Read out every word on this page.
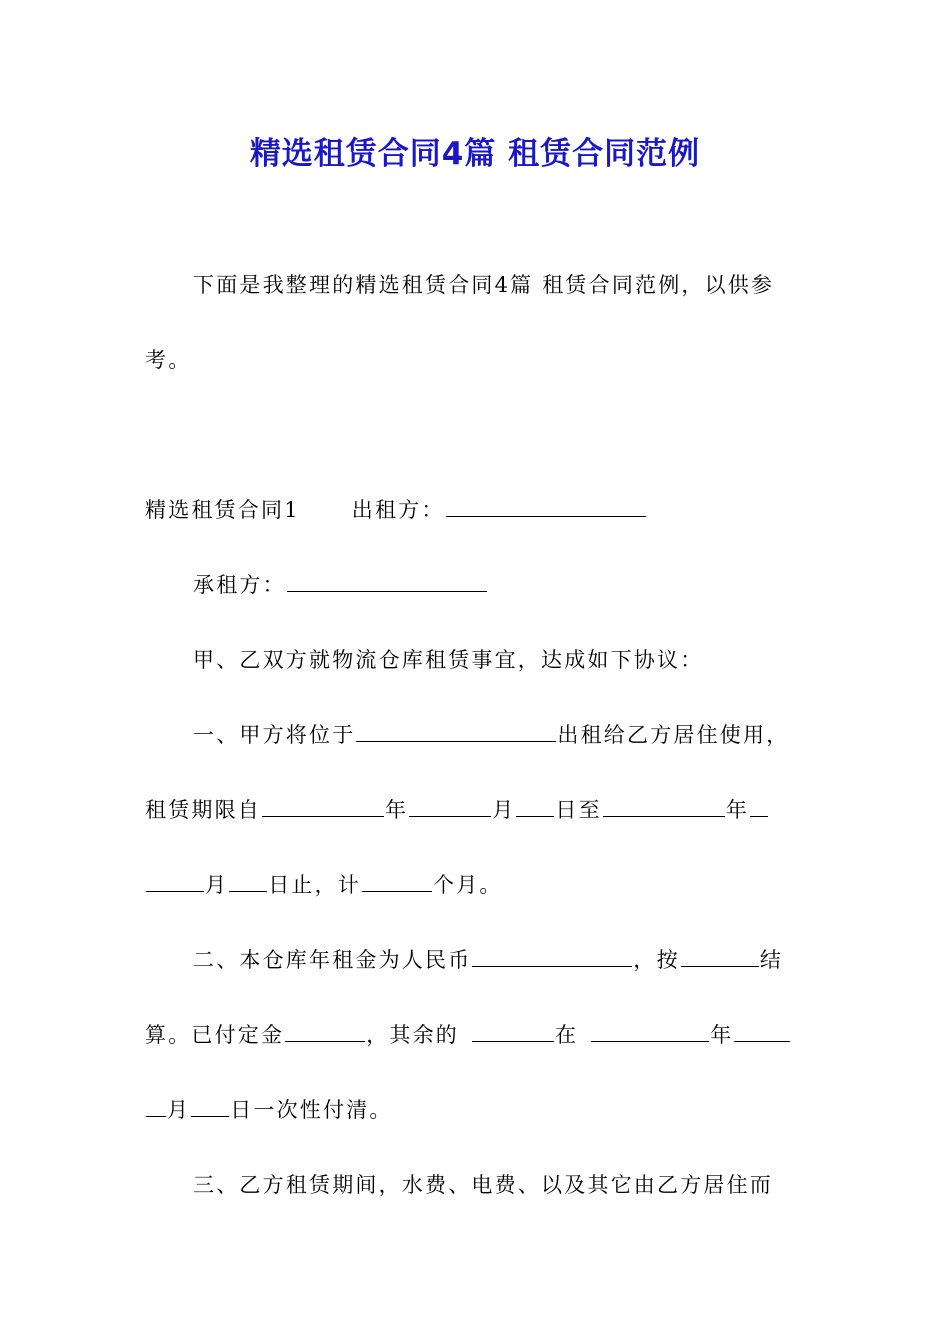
精选租赁合同4篇 租赁合同范例
下面是我整理的精选租赁合同4篇 租赁合同范例，以供参
考。
精选租赁合同1 出租方：
承租方：
甲、乙双方就物流仓库租赁事宜，达成如下协议：
一、甲方将位于	出租给乙方居住使用，
租赁期限自	年	月 日至	年
月 日止，计	个月。
二、本仓库年租金为人民币	，按	结
算。已付定金	，其余的	在	年
月 日一次性付清。
三、乙方租赁期间，水费、电费、以及其它由乙方居住而
